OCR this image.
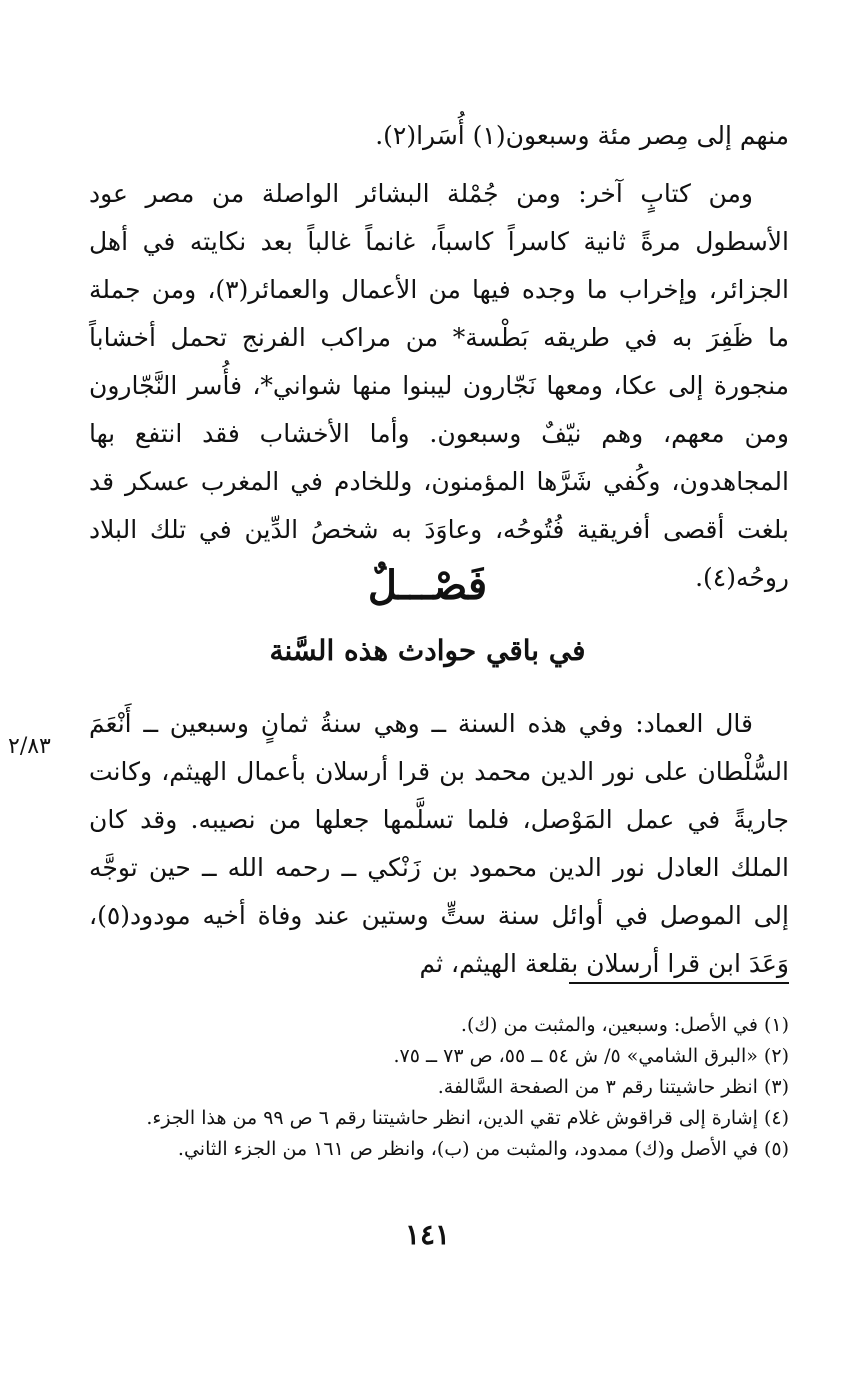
منهم إلى مِصر مئة وسبعون(١) أُسَرا(٢).

ومن كتابٍ آخر: ومن جُمْلة البشائر الواصلة من مصر عود الأسطول مرةً ثانية كاسراً كاسباً، غانماً غالباً بعد نكايته في أهل الجزائر، وإخراب ما وجده فيها من الأعمال والعمائر(٣)، ومن جملة ما ظَفِرَ به في طريقه بَطْسة* من مراكب الفرنج تحمل أخشاباً منجورة إلى عكا، ومعها نَجّارون ليبنوا منها شواني*، فأُسر النَّجّارون ومن معهم، وهم نيّفٌ وسبعون. وأما الأخشاب فقد انتفع بها المجاهدون، وكُفي شَرَّها المؤمنون، وللخادم في المغرب عسكر قد بلغت أقصى أفريقية فُتُوحُه، وعاوَدَ به شخصُ الدِّين في تلك البلاد روحُه(٤).

فَصْـــلٌ
في باقي حوادث هذه السَّنة

قال العماد: وفي هذه السنة ــ وهي سنةُ ثمانٍ وسبعين ــ أَنْعَمَ السُّلْطان على نور الدين محمد بن قرا أرسلان بأعمال الهيثم، وكانت جاريةً في عمل المَوْصل، فلما تسلَّمها جعلها من نصيبه. وقد كان الملك العادل نور الدين محمود بن زَنْكي ــ رحمه الله ــ حين توجَّه إلى الموصل في أوائل سنة ستٍّ وستين عند وفاة أخيه مودود(٥)، وَعَدَ ابن قرا أرسلان بقلعة الهيثم، ثم

٢/٨٣

(١) في الأصل: وسبعين، والمثبت من (ك).

(٢) «البرق الشامي» ٥/ ش ٥٤ ــ ٥٥، ص ٧٣ ــ ٧٥.

(٣) انظر حاشيتنا رقم ٣ من الصفحة السَّالفة.

(٤) إشارة إلى قراقوش غلام تقي الدين، انظر حاشيتنا رقم ٦ ص ٩٩ من هذا الجزء.

(٥) في الأصل و(ك) ممدود، والمثبت من (ب)، وانظر ص ١٦١ من الجزء الثاني.

١٤١
